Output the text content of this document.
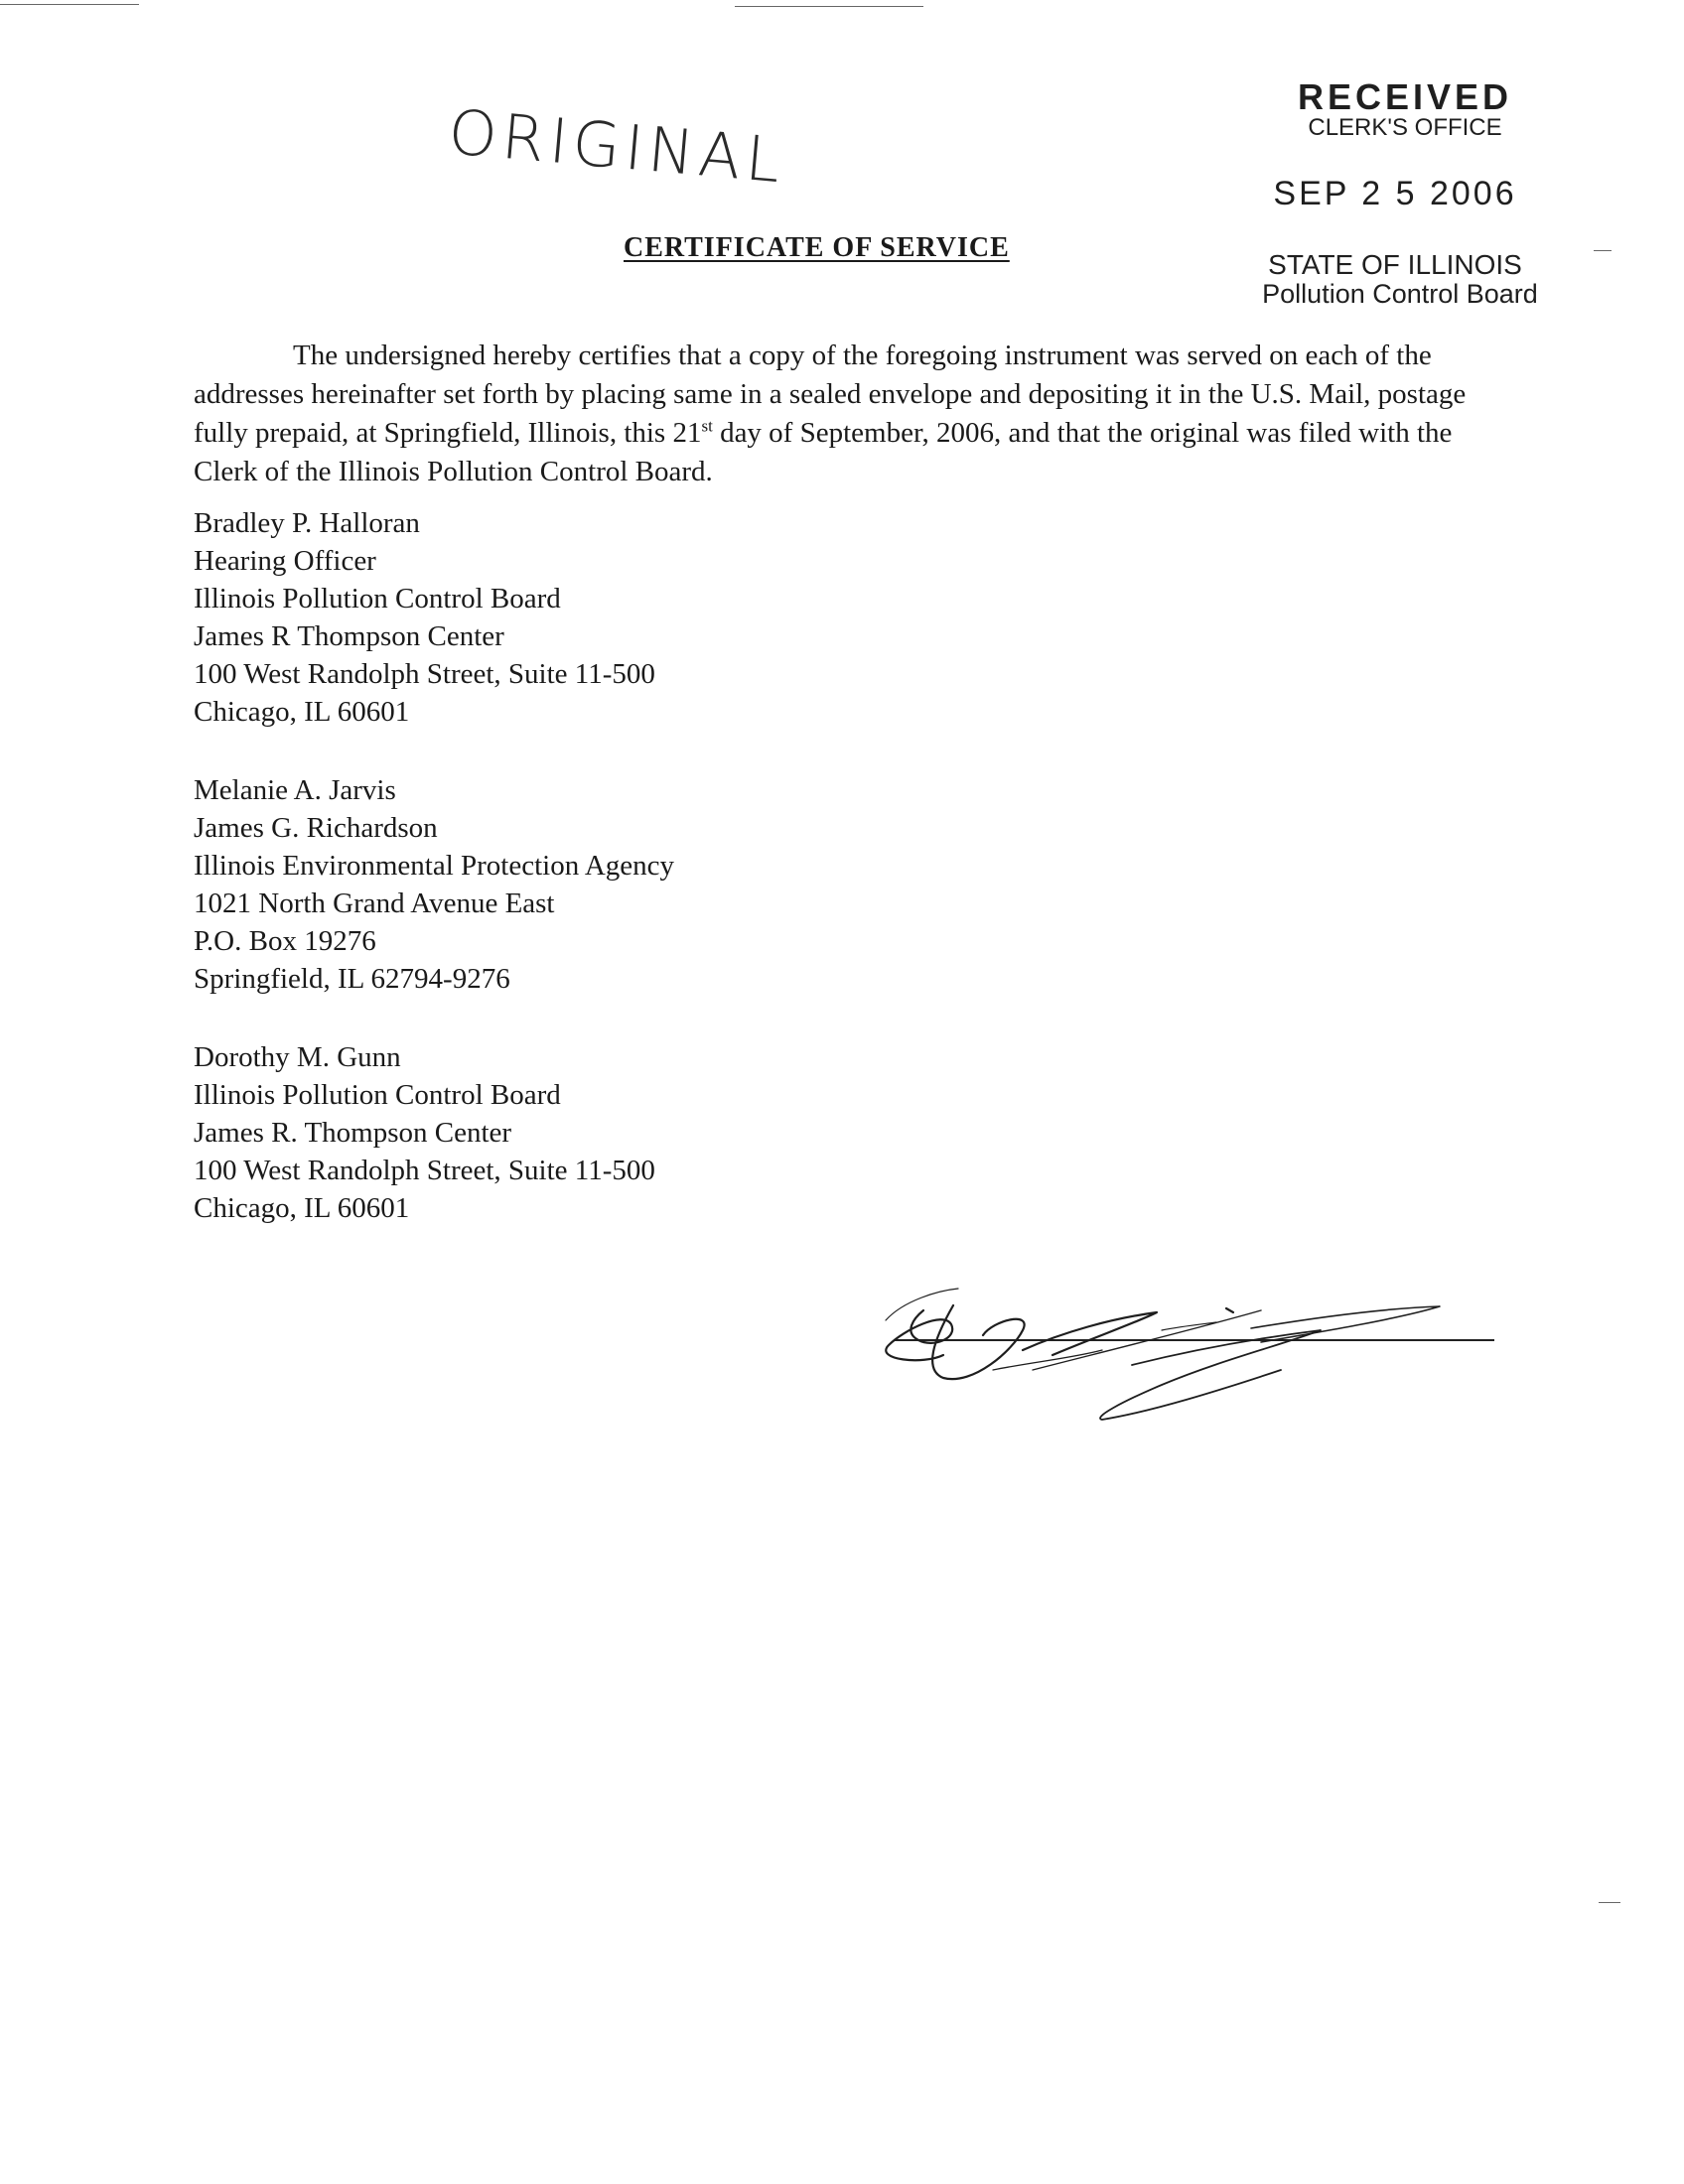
ORIGINAL	RECEIVED
CLERK'S OFFICE
SEP 2 5 2006
STATE OF ILLINOIS
Pollution Control Board
CERTIFICATE OF SERVICE

The undersigned hereby certifies that a copy of the foregoing instrument was served on each of the addresses hereinafter set forth by placing same in a sealed envelope and depositing it in the U.S. Mail, postage fully prepaid, at Springfield, Illinois, this 21st day of September, 2006, and that the original was filed with the Clerk of the Illinois Pollution Control Board.

Bradley P. Halloran
Hearing Officer
Illinois Pollution Control Board
James R Thompson Center
100 West Randolph Street, Suite 11-500
Chicago, IL 60601
Melanie A. Jarvis
James G. Richardson
Illinois Environmental Protection Agency
1021 North Grand Avenue East
P.O. Box 19276
Springfield, IL 62794-9276
Dorothy M. Gunn
Illinois Pollution Control Board
James R. Thompson Center
100 West Randolph Street, Suite 11-500
Chicago, IL 60601
